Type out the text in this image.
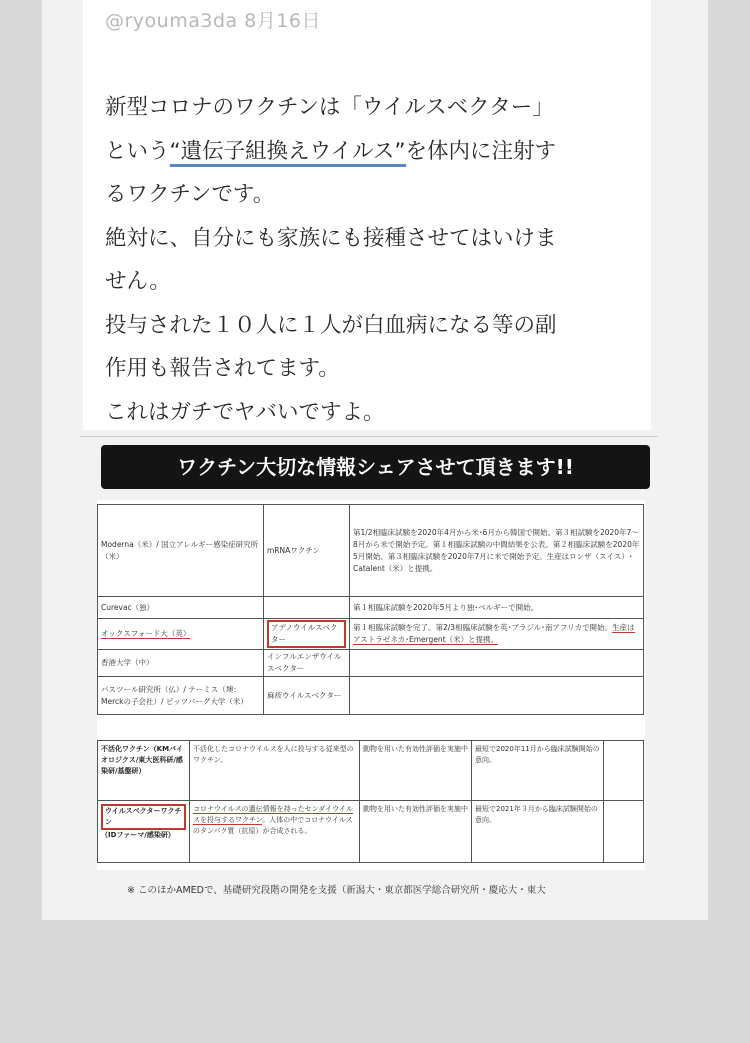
@ryouma3da 8月16日
新型コロナのワクチンは「ウイルスベクター」
という“遺伝子組換えウイルス”を体内に注射す
るワクチンです。
絶対に、自分にも家族にも接種させてはいけま
せん。
投与された１０人に１人が白血病になる等の副
作用も報告されてます。
これはガチでヤバいですよ。
ワクチン大切な情報シェアさせて頂きます!!
Moderna（米）/ 国立アレルギー感染症研究所（米）	mRNAワクチン	第1/2相臨床試験を2020年4月から米･6月から韓国で開始。第３相試験を2020年7～8月から米で開始予定。第１相臨床試験の中間結果を公表。第２相臨床試験を2020年5月開始、第３相臨床試験を2020年7月に米で開始予定。生産はロンザ（スイス）･Catalent（米）と提携。
Curevac（独）		第１相臨床試験を2020年5月より独･ベルギーで開始。
オックスフォード大（英）	アデノウイルスベクター	第１相臨床試験を完了。第2/3相臨床試験を英･ブラジル･南アフリカで開始。生産はアストラゼネカ･Emergent（米）と提携。
香港大学（中）	インフルエンザウイルスベクター	
パスツール研究所（仏）/ テーミス（墺：Merckの子会社）/ ピッツバーグ大学（米）	麻疹ウイルスベクター	
不活化ワクチン（KMバイオロジクス/東大医科研/感染研/基盤研）	不活化したコロナウイルスを人に投与する従来型のワクチン。	動物を用いた有効性評価を実施中	最短で2020年11月から臨床試験開始の意向。	
ウイルスベクターワクチン
（IDファーマ/感染研）	コロナウイルスの遺伝情報を持ったセンダイウイルスを投与するワクチン。人体の中でコロナウイルスのタンパク質（抗原）が合成される。	動物を用いた有効性評価を実施中	最短で2021年３月から臨床試験開始の意向。	
※ このほかAMEDで、基礎研究段階の開発を支援（新潟大・東京都医学総合研究所・慶応大・東大
